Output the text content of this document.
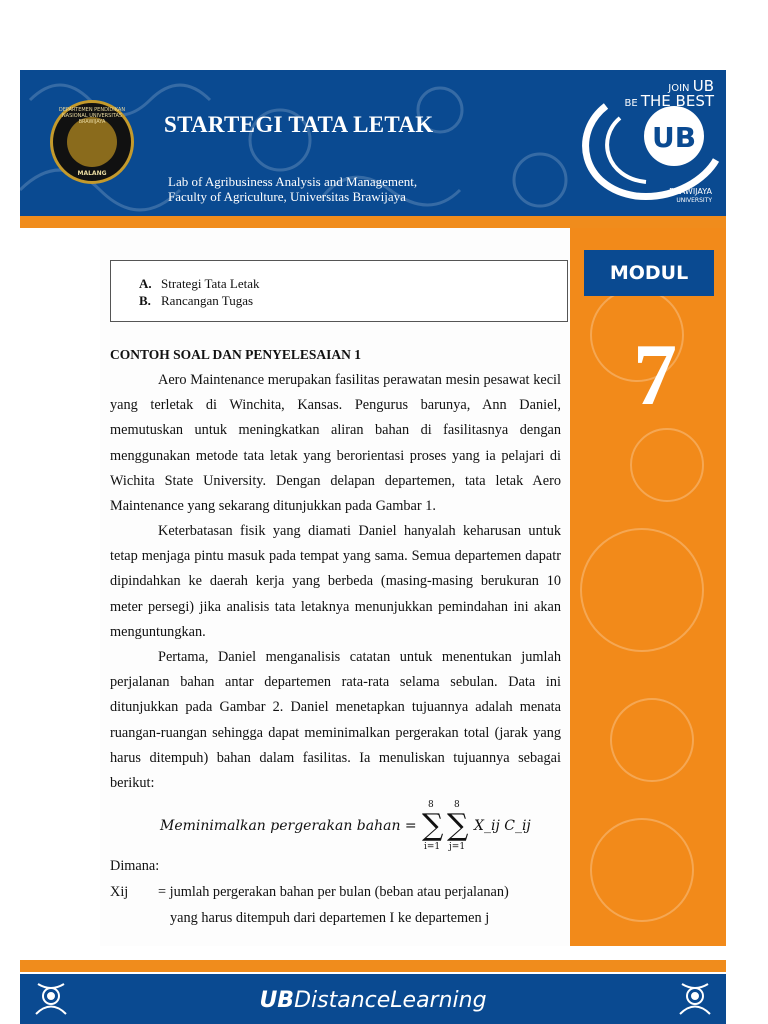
DEPARTEMEN PENDIDIKAN NASIONAL UNIVERSITAS BRAWIJAYA
MALANG
STARTEGI TATA LETAK
Lab of Agribusiness Analysis and Management,
Faculty of Agriculture, Universitas Brawijaya
UB
JOIN UB
BE THE BEST
BRAWIJAYA
UNIVERSITY
MODUL
7
A. Strategi Tata Letak
B. Rancangan Tugas
CONTOH SOAL DAN PENYELESAIAN 1

Aero Maintenance merupakan fasilitas perawatan mesin pesawat kecil yang terletak di Winchita, Kansas. Pengurus barunya, Ann Daniel, memutuskan untuk meningkatkan aliran bahan di fasilitasnya dengan menggunakan metode tata letak yang berorientasi proses yang ia pelajari di Wichita State University. Dengan delapan departemen, tata letak Aero Maintenance yang sekarang ditunjukkan pada Gambar 1.

Keterbatasan fisik yang diamati Daniel hanyalah keharusan untuk tetap menjaga pintu masuk pada tempat yang sama. Semua departemen dapatr dipindahkan ke daerah kerja yang berbeda (masing-masing berukuran 10 meter persegi) jika analisis tata letaknya menunjukkan pemindahan ini akan menguntungkan.

Pertama, Daniel menganalisis catatan untuk menentukan jumlah perjalanan bahan antar departemen rata-rata selama sebulan. Data ini ditunjukkan pada Gambar 2. Daniel menetapkan tujuannya adalah menata ruangan-ruangan sehingga dapat meminimalkan pergerakan total (jarak yang harus ditempuh) bahan dalam fasilitas. Ia menuliskan tujuannya sebagai berikut:

Meminimalkan pergerakan bahan =
8 8
∑ ∑
i=1 j=1
X_ij C_ij
Dimana:
Xij = jumlah pergerakan bahan per bulan (beban atau perjalanan)
yang harus ditempuh dari departemen I ke departemen j
UBDistanceLearning
